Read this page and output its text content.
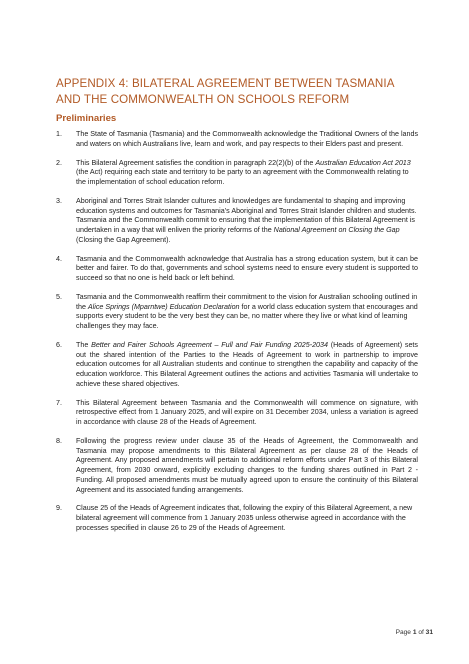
APPENDIX 4: BILATERAL AGREEMENT BETWEEN TASMANIA AND THE COMMONWEALTH ON SCHOOLS REFORM
Preliminaries
1. The State of Tasmania (Tasmania) and the Commonwealth acknowledge the Traditional Owners of the lands and waters on which Australians live, learn and work, and pay respects to their Elders past and present.

2. This Bilateral Agreement satisfies the condition in paragraph 22(2)(b) of the Australian Education Act 2013 (the Act) requiring each state and territory to be party to an agreement with the Commonwealth relating to the implementation of school education reform.

3. Aboriginal and Torres Strait Islander cultures and knowledges are fundamental to shaping and improving education systems and outcomes for Tasmania’s Aboriginal and Torres Strait Islander children and students. Tasmania and the Commonwealth commit to ensuring that the implementation of this Bilateral Agreement is undertaken in a way that will enliven the priority reforms of the National Agreement on Closing the Gap (Closing the Gap Agreement).

4. Tasmania and the Commonwealth acknowledge that Australia has a strong education system, but it can be better and fairer. To do that, governments and school systems need to ensure every student is supported to succeed so that no one is held back or left behind.

5. Tasmania and the Commonwealth reaffirm their commitment to the vision for Australian schooling outlined in the Alice Springs (Mparntwe) Education Declaration for a world class education system that encourages and supports every student to be the very best they can be, no matter where they live or what kind of learning challenges they may face.

6. The Better and Fairer Schools Agreement – Full and Fair Funding 2025-2034 (Heads of Agreement) sets out the shared intention of the Parties to the Heads of Agreement to work in partnership to improve education outcomes for all Australian students and continue to strengthen the capability and capacity of the education workforce. This Bilateral Agreement outlines the actions and activities Tasmania will undertake to achieve these shared objectives.

7. This Bilateral Agreement between Tasmania and the Commonwealth will commence on signature, with retrospective effect from 1 January 2025, and will expire on 31 December 2034, unless a variation is agreed in accordance with clause 28 of the Heads of Agreement.

8. Following the progress review under clause 35 of the Heads of Agreement, the Commonwealth and Tasmania may propose amendments to this Bilateral Agreement as per clause 28 of the Heads of Agreement. Any proposed amendments will pertain to additional reform efforts under Part 3 of this Bilateral Agreement, from 2030 onward, explicitly excluding changes to the funding shares outlined in Part 2 - Funding. All proposed amendments must be mutually agreed upon to ensure the continuity of this Bilateral Agreement and its associated funding arrangements.

9. Clause 25 of the Heads of Agreement indicates that, following the expiry of this Bilateral Agreement, a new bilateral agreement will commence from 1 January 2035 unless otherwise agreed in accordance with the processes specified in clause 26 to 29 of the Heads of Agreement.

Page 1 of 31
